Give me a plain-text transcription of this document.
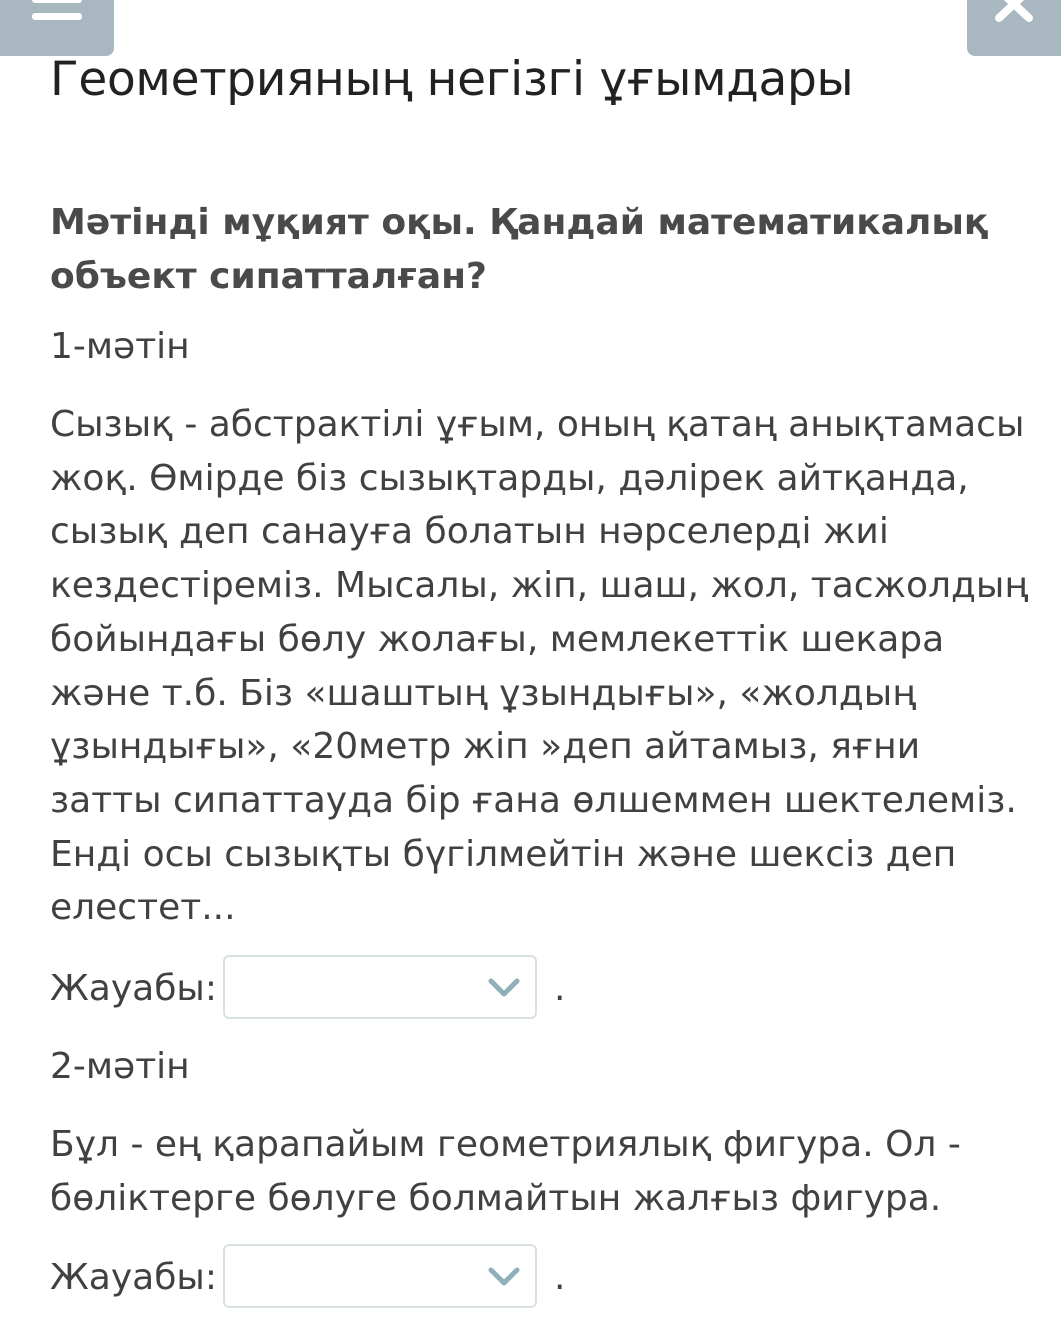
Геометрияның негізгі ұғымдары
Мәтінді мұқият оқы. Қандай математикалық объект сипатталған?
1-мәтін
Сызық - абстрактілі ұғым, оның қатаң анықтамасы жоқ. Өмірде біз сызықтарды, дәлірек айтқанда, сызық деп санауға болатын нәрселерді жиі кездестіреміз. Мысалы, жіп, шаш, жол, тасжолдың бойындағы бөлу жолағы, мемлекеттік шекара және т.б. Біз «шаштың ұзындығы», «жолдың ұзындығы», «20метр жіп »деп айтамыз, яғни затты сипаттауда бір ғана өлшеммен шектелеміз. Енді осы сызықты бүгілмейтін және шексіз деп елестет...
Жауабы:	.
2-мәтін
Бұл - ең қарапайым геометриялық фигура. Ол - бөліктерге бөлуге болмайтын жалғыз фигура.
Жауабы:	.
